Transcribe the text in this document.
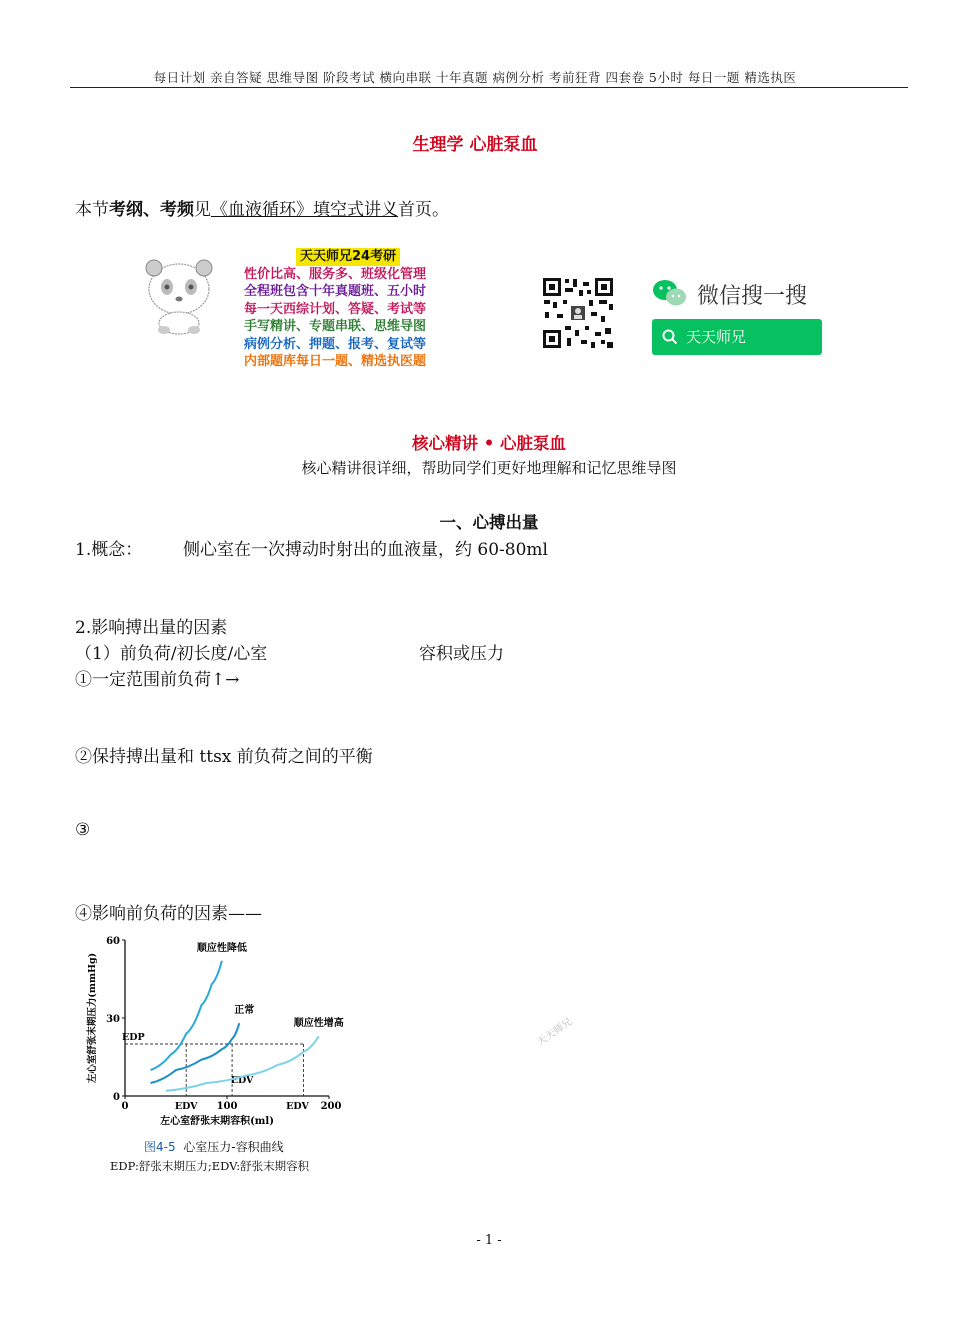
每日计划 亲自答疑 思维导图 阶段考试 横向串联 十年真题 病例分析 考前狂背 四套卷 5小时 每日一题 精选执医
生理学 心脏泵血
本节考纲、考频见《血液循环》填空式讲义首页。
天天师兄24考研
性价比高、服务多、班级化管理
全程班包含十年真题班、五小时
每一天西综计划、答疑、考试等
手写精讲、专题串联、思维导图
病例分析、押题、报考、复试等
内部题库每日一题、精选执医题
微信搜一搜
天天师兄
核心精讲 • 心脏泵血
核心精讲很详细，帮助同学们更好地理解和记忆思维导图
一、心搏出量
1.概念： 侧心室在一次搏动时射出的血液量，约 60-80ml
2.影响搏出量的因素
（1）前负荷/初长度/心室	容积或压力
①一定范围前负荷↑→
②保持搏出量和 ttsx 前负荷之间的平衡
③
④影响前负荷的因素——
0
30
60
0	100	200
左心室舒张末期容积(ml)
左心室舒张末期压力(mmHg)	EDP
EDV
EDV
EDV
顺应性降低
正常
顺应性增高
图4-5 心室压力-容积曲线
EDP:舒张末期压力;EDV:舒张末期容积
天天师兄
- 1 -
